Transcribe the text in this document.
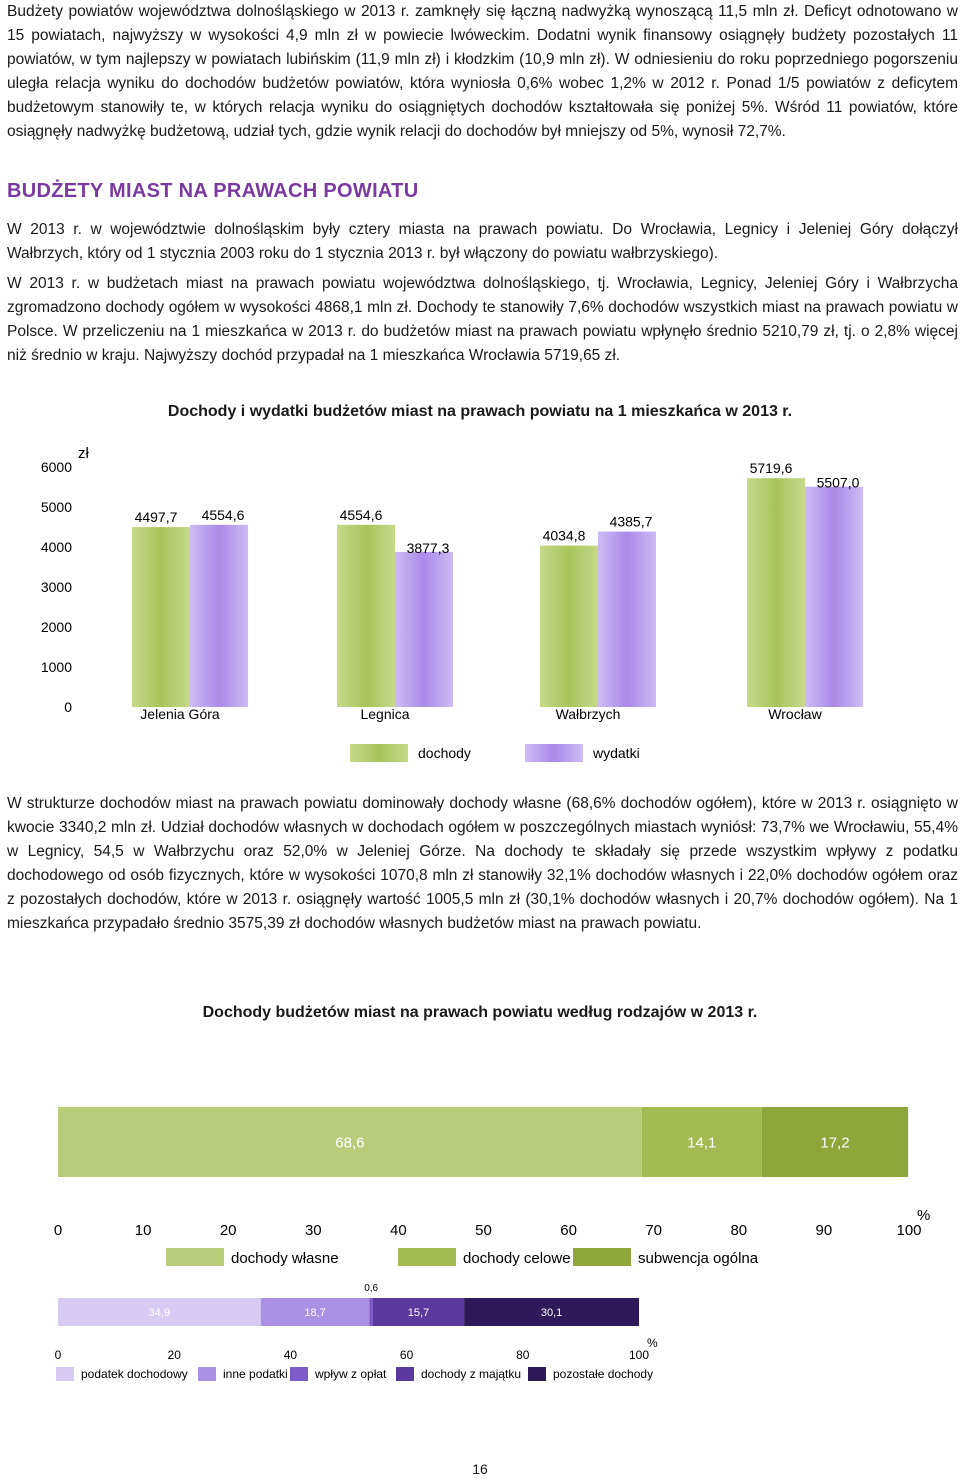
Budżety powiatów województwa dolnośląskiego w 2013 r. zamknęły się łączną nadwyżką wynoszącą 11,5 mln zł. Deficyt odnotowano w 15 powiatach, najwyższy w wysokości 4,9 mln zł w powiecie lwóweckim. Dodatni wynik finansowy osiągnęły budżety pozostałych 11 powiatów, w tym najlepszy w powiatach lubińskim (11,9 mln zł) i kłodzkim (10,9 mln zł). W odniesieniu do roku poprzedniego pogorszeniu uległa relacja wyniku do dochodów budżetów powiatów, która wyniosła 0,6% wobec 1,2% w 2012 r. Ponad 1/5 powiatów z deficytem budżetowym stanowiły te, w których relacja wyniku do osiągniętych dochodów kształtowała się poniżej 5%. Wśród 11 powiatów, które osiągnęły nadwyżkę budżetową, udział tych, gdzie wynik relacji do dochodów był mniejszy od 5%, wynosił 72,7%.

BUDŻETY MIAST NA PRAWACH POWIATU

W 2013 r. w województwie dolnośląskim były cztery miasta na prawach powiatu. Do Wrocławia, Legnicy i Jeleniej Góry dołączył Wałbrzych, który od 1 stycznia 2003 roku do 1 stycznia 2013 r. był włączony do powiatu wałbrzyskiego).

W 2013 r. w budżetach miast na prawach powiatu województwa dolnośląskiego, tj. Wrocławia, Legnicy, Jeleniej Góry i Wałbrzycha zgromadzono dochody ogółem w wysokości 4868,1 mln zł. Dochody te stanowiły 7,6% dochodów wszystkich miast na prawach powiatu w Polsce. W przeliczeniu na 1 mieszkańca w 2013 r. do budżetów miast na prawach powiatu wpłynęło średnio 5210,79 zł, tj. o 2,8% więcej niż średnio w kraju. Najwyższy dochód przypadał na 1 mieszkańca Wrocławia 5719,65 zł.

Dochody i wydatki budżetów miast na prawach powiatu na 1 mieszkańca w 2013 r.

zł
0
1000
2000
3000
4000
5000
6000
4497,7 4554,6
Jelenia Góra
4554,6
3877,3
Legnica
4034,8
4385,7
Wałbrzych
5719,6
5507,0
Wrocław
dochody	wydatki

W strukturze dochodów miast na prawach powiatu dominowały dochody własne (68,6% dochodów ogółem), które w 2013 r. osiągnięto w kwocie 3340,2 mln zł. Udział dochodów własnych w dochodach ogółem w poszczególnych miastach wyniósł: 73,7% we Wrocławiu, 55,4% w Legnicy, 54,5 w Wałbrzychu oraz 52,0% w Jeleniej Górze. Na dochody te składały się przede wszystkim wpływy z podatku dochodowego od osób fizycznych, które w wysokości 1070,8 mln zł stanowiły 32,1% dochodów własnych i 22,0% dochodów ogółem oraz z pozostałych dochodów, które w 2013 r. osiągnęły wartość 1005,5 mln zł (30,1% dochodów własnych i 20,7% dochodów ogółem). Na 1 mieszkańca przypadało średnio 3575,39 zł dochodów własnych budżetów miast na prawach powiatu.

Dochody budżetów miast na prawach powiatu według rodzajów w 2013 r.

68,6	14,1	17,2
0	10	20	30	40	50	60	70	80	90	100
%
dochody własne	dochody celowe	subwencja ogólna
34,9	18,7
0,6
15,7	30,1
0	20	40	60	80	100
%
podatek dochodowy	inne podatki wpływ z opłat	dochody z majątku	pozostałe dochody
16
